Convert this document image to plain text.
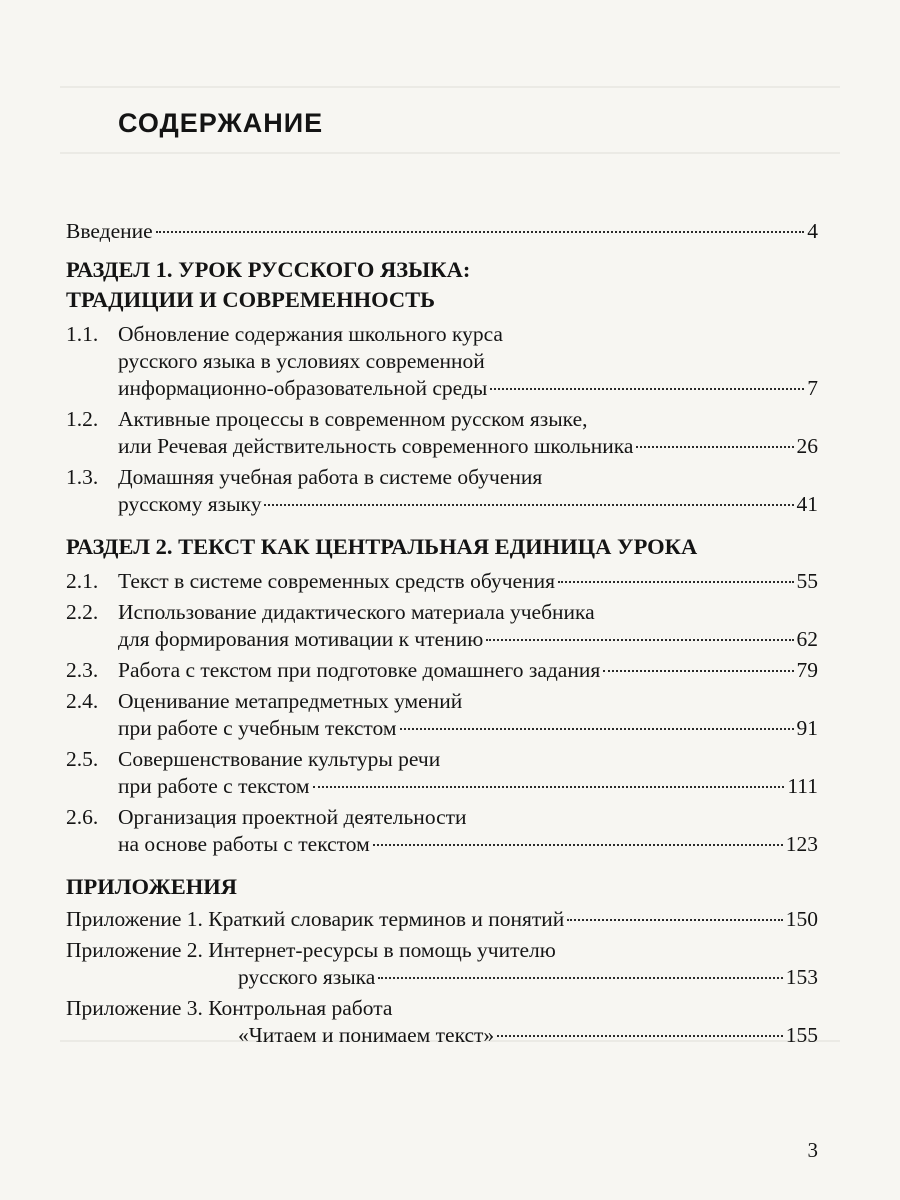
СОДЕРЖАНИЕ
Введение	4
РАЗДЕЛ 1. УРОК РУССКОГО ЯЗЫКА:
ТРАДИЦИИ И СОВРЕМЕННОСТЬ
1.1. Обновление содержания школьного курса
русского языка в условиях современной
информационно-образовательной среды	7
1.2. Активные процессы в современном русском языке,
или Речевая действительность современного школьника	26
1.3. Домашняя учебная работа в системе обучения
русскому языку	41
РАЗДЕЛ 2. ТЕКСТ КАК ЦЕНТРАЛЬНАЯ ЕДИНИЦА УРОКА
2.1. Текст в системе современных средств обучения	55
2.2. Использование дидактического материала учебника
для формирования мотивации к чтению	62
2.3. Работа с текстом при подготовке домашнего задания	79
2.4. Оценивание метапредметных умений
при работе с учебным текстом	91
2.5. Совершенствование культуры речи
при работе с текстом	111
2.6. Организация проектной деятельности
на основе работы с текстом	123
ПРИЛОЖЕНИЯ
Приложение 1. Краткий словарик терминов и понятий	150
Приложение 2. Интернет-ресурсы в помощь учителю
русского языка	153
Приложение 3. Контрольная работа
«Читаем и понимаем текст»	155
3
